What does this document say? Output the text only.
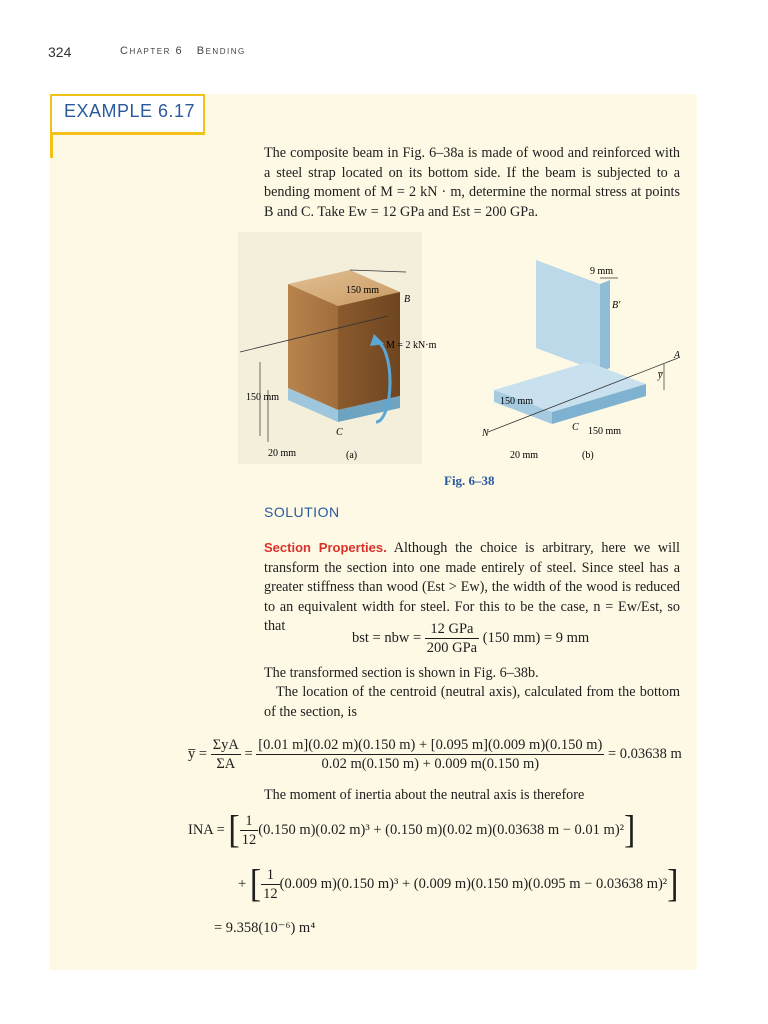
324	Chapter 6 Bending
EXAMPLE 6.17
The composite beam in Fig. 6–38a is made of wood and reinforced with a steel strap located on its bottom side. If the beam is subjected to a bending moment of M = 2 kN · m, determine the normal stress at points B and C. Take Ew = 12 GPa and Est = 200 GPa.
150 mm
B
M = 2 kN·m
150 mm
C
20 mm	(a)
9 mm
B′
A
y̅
150 mm
C 150 mm
N
20 mm	(b)
Fig. 6–38
SOLUTION
Section Properties. Although the choice is arbitrary, here we will transform the section into one made entirely of steel. Since steel has a greater stiffness than wood (Est > Ew), the width of the wood is reduced to an equivalent width for steel. For this to be the case, n = Ew/Est, so that
bst = nbw = $\frac{\text{12 GPa}}{\text{200 GPa}} (150$ mm) = 9 mm
The transformed section is shown in Fig. 6–38b.
The location of the centroid (neutral axis), calculated from the bottom of the section, is
y̅ = $\frac{\text{ΣyA}}{\Sigma A} = \frac{[0.01 m](0.02 m)(0.150 m) + [0.095 m](0.009 m)(0.150 m)}{0.02 m(0.150 m) + 0.009 m(0.150 m)} = 0.03638$ m
The moment of inertia about the neutral axis is therefore
INA = [ $\frac{1}{12} (0.150$ m)(0.02 m)³ + (0.150 m)(0.02 m)(0.03638 m − 0.01 m)²]
+ [ $\frac{1}{12} (0.009$ m)(0.150 m)³ + (0.009 m)(0.150 m)(0.095 m − 0.03638 m)²]
= 9.358(10⁻⁶) m⁴
